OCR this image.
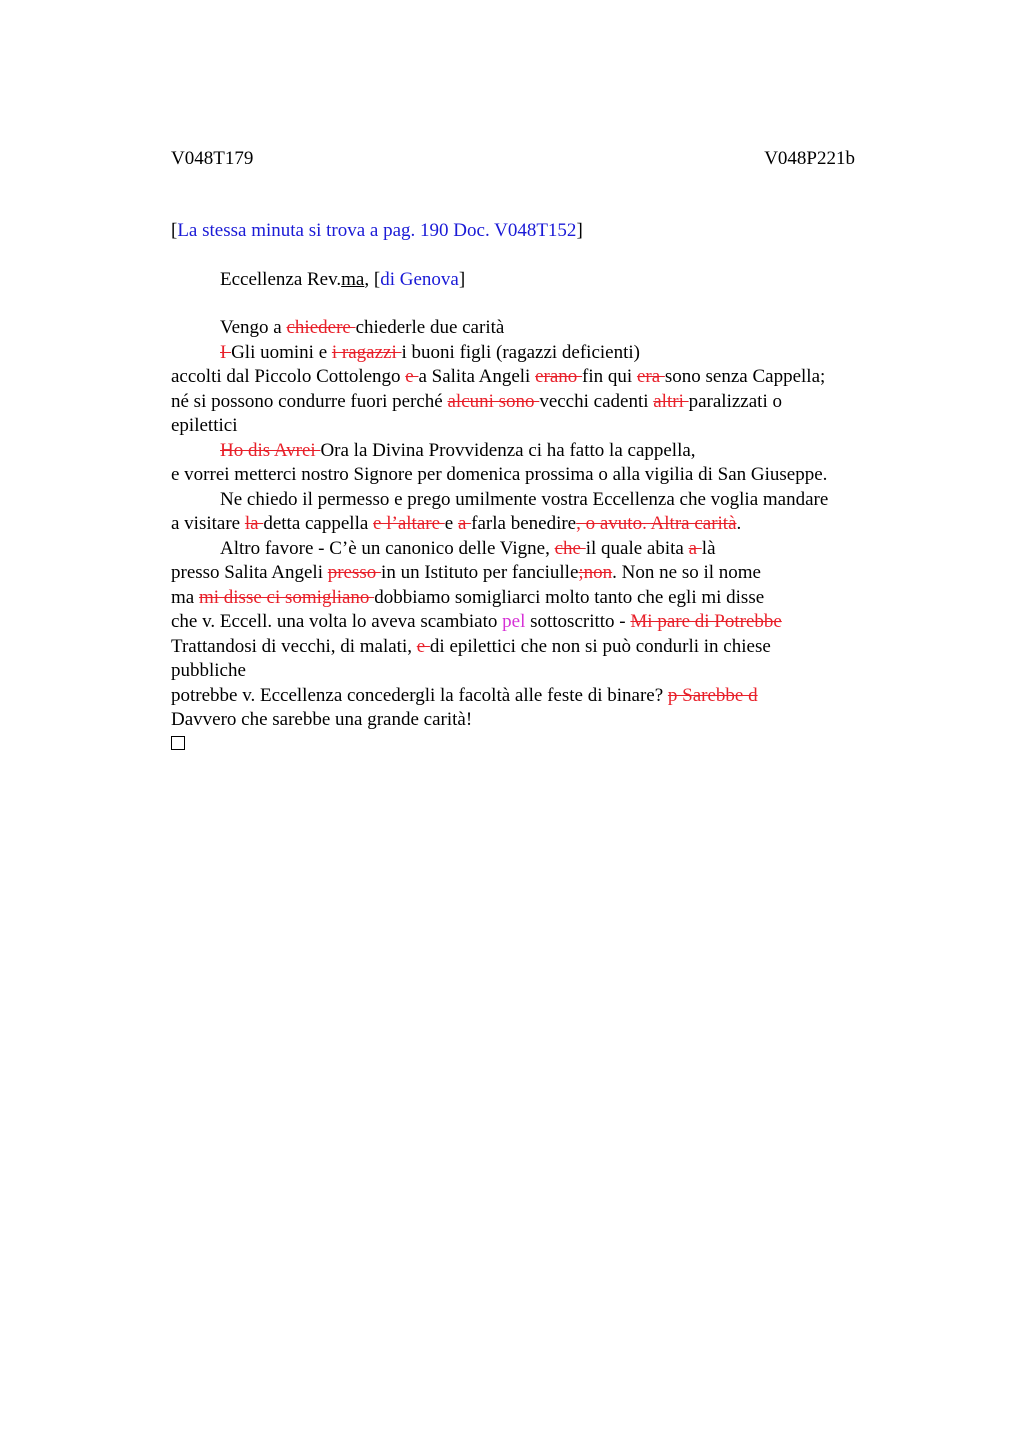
V048T179	V048P221b
[La stessa minuta si trova a pag. 190 Doc. V048T152]
Eccellenza Rev.ma, [di Genova]
Vengo a chiedere chiederle due carità
I Gli uomini e i ragazzi i buoni figli (ragazzi deficienti)
accolti dal Piccolo Cottolengo e a Salita Angeli erano fin qui era sono senza Cappella;
né si possono condurre fuori perché alcuni sono vecchi cadenti altri paralizzati o
epilettici
Ho dis Avrei Ora la Divina Provvidenza ci ha fatto la cappella,
e vorrei metterci nostro Signore per domenica prossima o alla vigilia di San Giuseppe.
Ne chiedo il permesso e prego umilmente vostra Eccellenza che voglia mandare
a visitare la detta cappella e l’altare e a farla benedire, o avuto. Altra carità.
Altro favore - C’è un canonico delle Vigne, che il quale abita a là
presso Salita Angeli presso in un Istituto per fanciulle;non. Non ne so il nome
ma mi disse ci somigliano dobbiamo somigliarci molto tanto che egli mi disse
che v. Eccell. una volta lo aveva scambiato pel sottoscritto - Mi pare di Potrebbe
Trattandosi di vecchi, di malati, e di epilettici che non si può condurli in chiese
pubbliche
potrebbe v. Eccellenza concedergli la facoltà alle feste di binare? p Sarebbe d
Davvero che sarebbe una grande carità!
